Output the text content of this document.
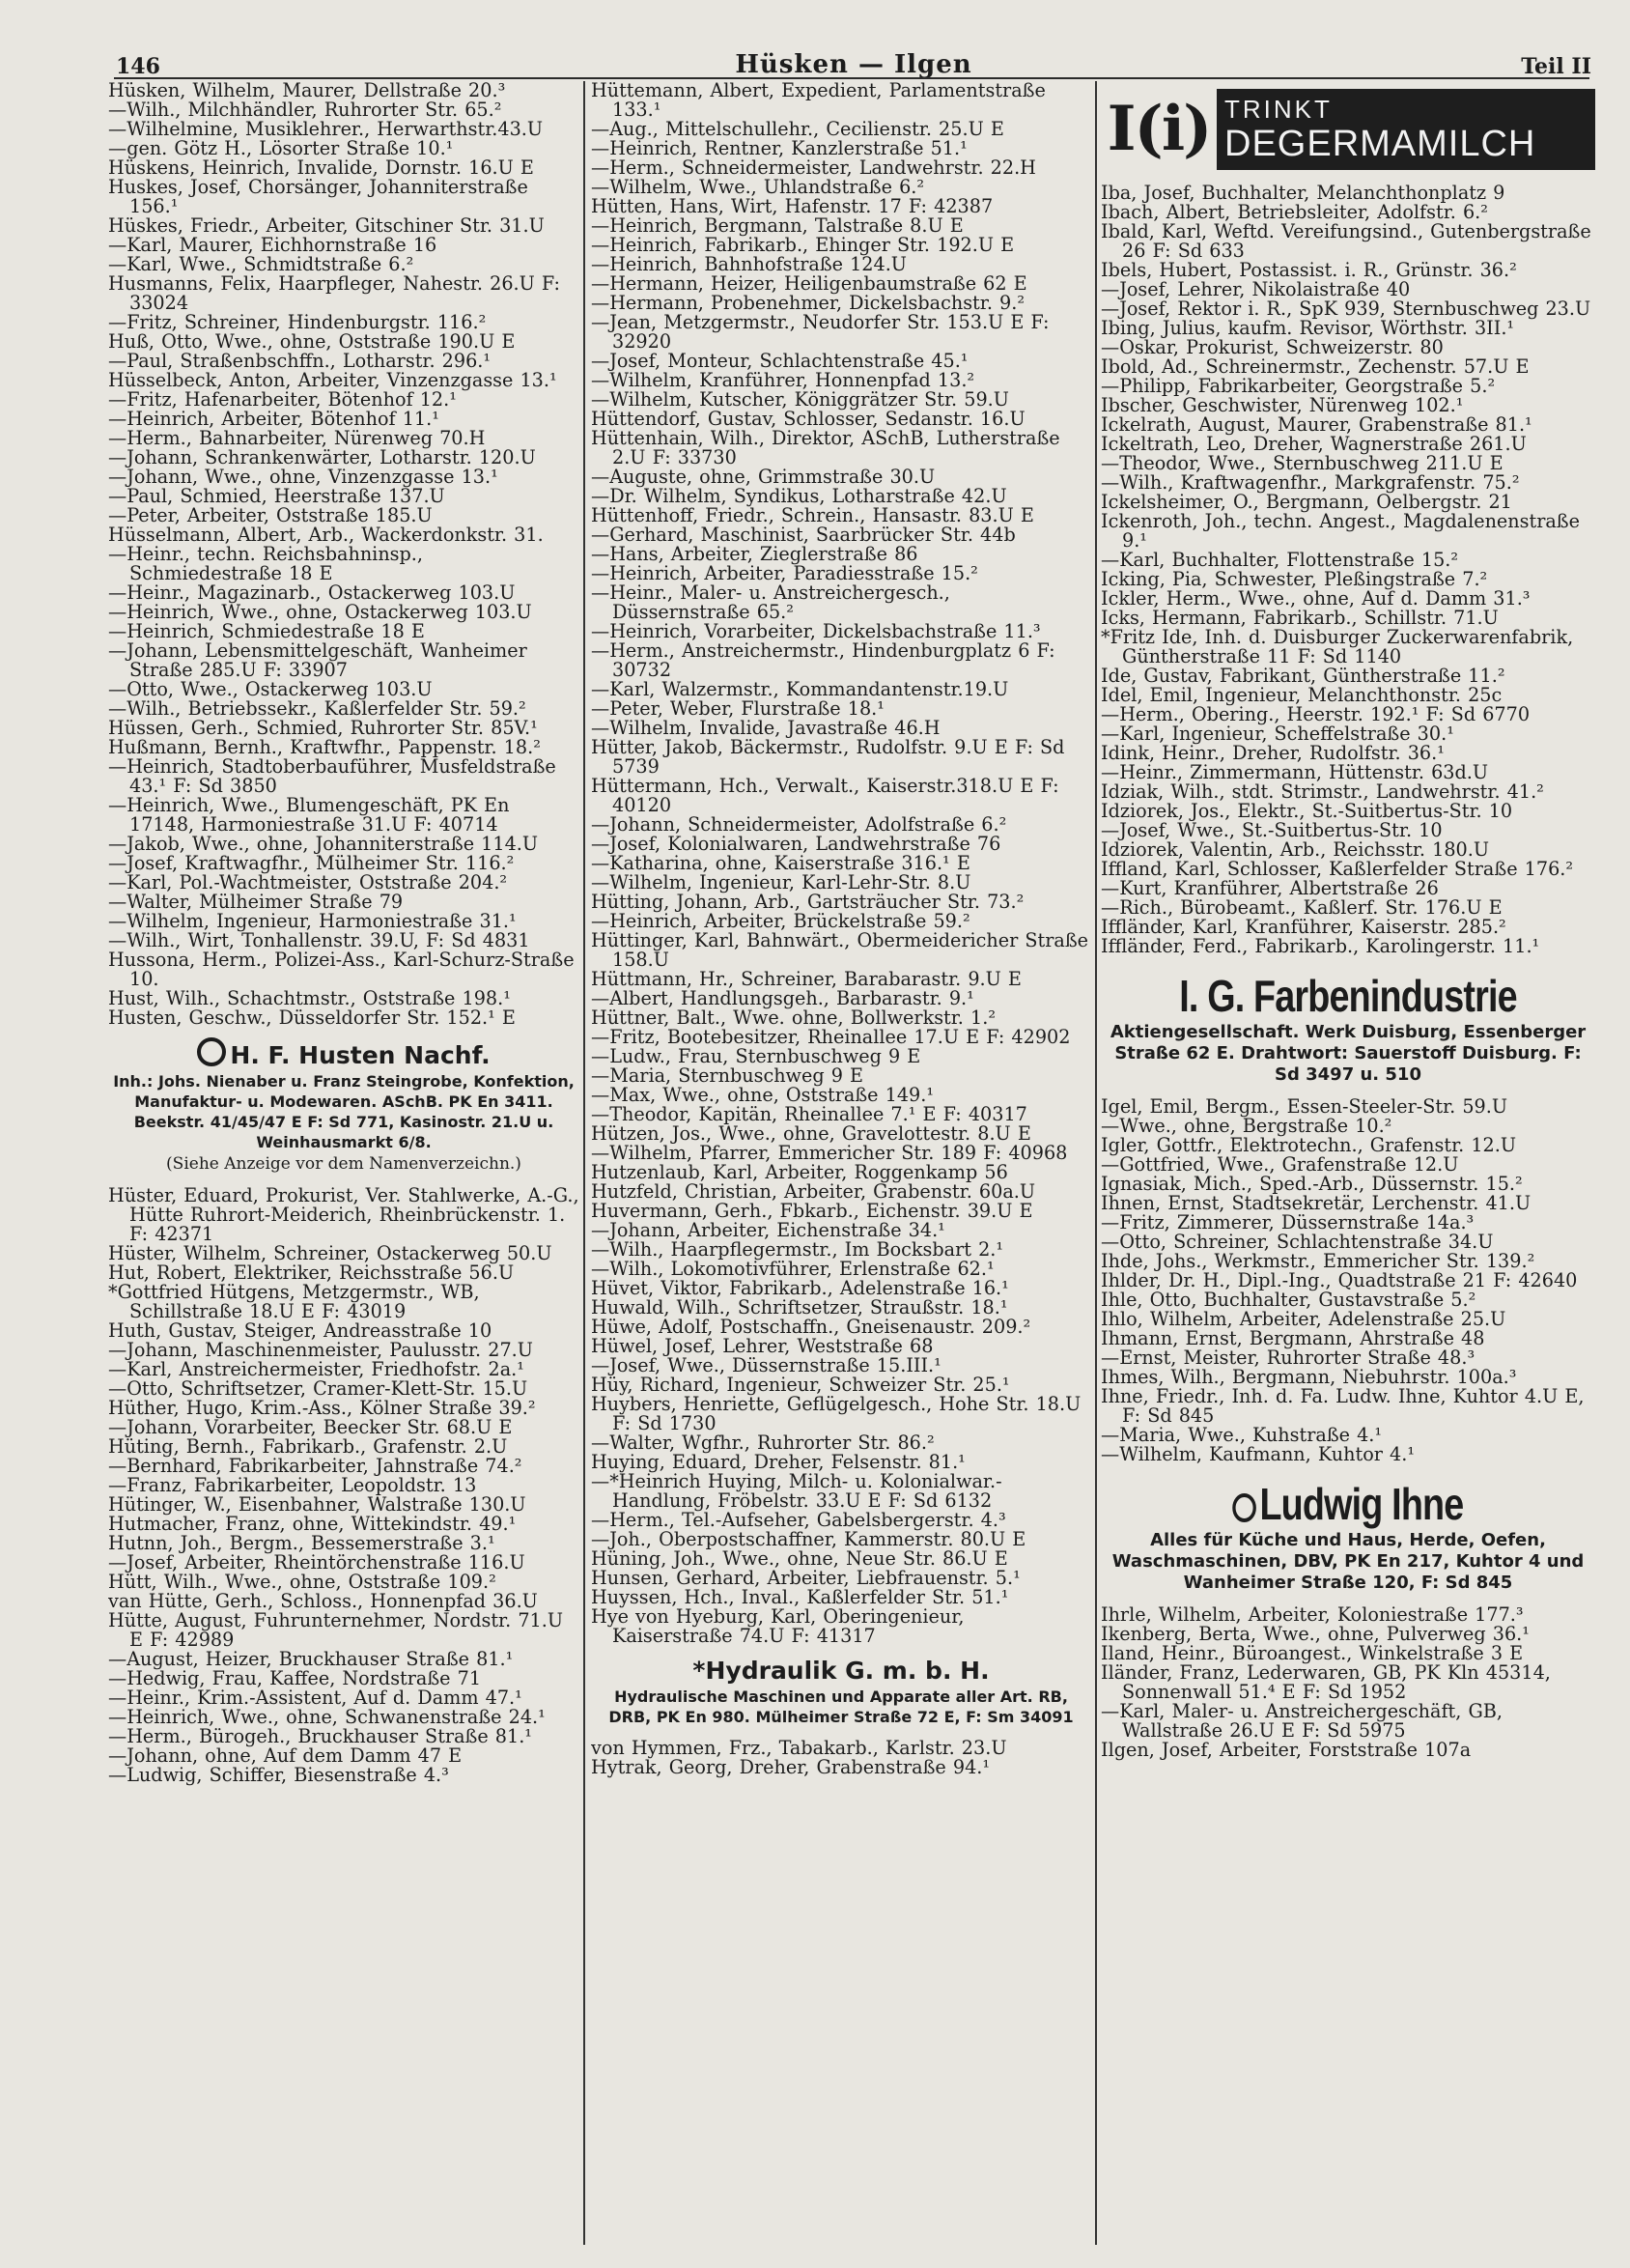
146	Hüsken — Ilgen	Teil II
Hüsken, Wilhelm, Maurer, Dellstraße 20.³
—Wilh., Milchhändler, Ruhrorter Str. 65.²
—Wilhelmine, Musiklehrer., Herwarthstr.43.U
—gen. Götz H., Lösorter Straße 10.¹
Hüskens, Heinrich, Invalide, Dornstr. 16.U E
Huskes, Josef, Chorsänger, Johanniterstraße 156.¹
Hüskes, Friedr., Arbeiter, Gitschiner Str. 31.U
—Karl, Maurer, Eichhornstraße 16
—Karl, Wwe., Schmidtstraße 6.²
Husmanns, Felix, Haarpfleger, Nahestr. 26.U F: 33024
—Fritz, Schreiner, Hindenburgstr. 116.²
Huß, Otto, Wwe., ohne, Oststraße 190.U E
—Paul, Straßenbschffn., Lotharstr. 296.¹
Hüsselbeck, Anton, Arbeiter, Vinzenzgasse 13.¹
—Fritz, Hafenarbeiter, Bötenhof 12.¹
—Heinrich, Arbeiter, Bötenhof 11.¹
—Herm., Bahnarbeiter, Nürenweg 70.H
—Johann, Schrankenwärter, Lotharstr. 120.U
—Johann, Wwe., ohne, Vinzenzgasse 13.¹
—Paul, Schmied, Heerstraße 137.U
—Peter, Arbeiter, Oststraße 185.U
Hüsselmann, Albert, Arb., Wackerdonkstr. 31.
—Heinr., techn. Reichsbahninsp., Schmiedestraße 18 E
—Heinr., Magazinarb., Ostackerweg 103.U
—Heinrich, Wwe., ohne, Ostackerweg 103.U
—Heinrich, Schmiedestraße 18 E
—Johann, Lebensmittelgeschäft, Wanheimer Straße 285.U F: 33907
—Otto, Wwe., Ostackerweg 103.U
—Wilh., Betriebssekr., Kaßlerfelder Str. 59.²
Hüssen, Gerh., Schmied, Ruhrorter Str. 85V.¹
Hußmann, Bernh., Kraftwfhr., Pappenstr. 18.²
—Heinrich, Stadtoberbauführer, Musfeldstraße 43.¹ F: Sd 3850
—Heinrich, Wwe., Blumengeschäft, PK En 17148, Harmoniestraße 31.U F: 40714
—Jakob, Wwe., ohne, Johanniterstraße 114.U
—Josef, Kraftwagfhr., Mülheimer Str. 116.²
—Karl, Pol.-Wachtmeister, Oststraße 204.²
—Walter, Mülheimer Straße 79
—Wilhelm, Ingenieur, Harmoniestraße 31.¹
—Wilh., Wirt, Tonhallenstr. 39.U, F: Sd 4831
Hussona, Herm., Polizei-Ass., Karl-Schurz-Straße 10.
Hust, Wilh., Schachtmstr., Oststraße 198.¹
Husten, Geschw., Düsseldorfer Str. 152.¹ E
H. F. Husten Nachf.
Inh.: Johs. Nienaber u. Franz Steingrobe, Konfektion, Manufaktur- u. Modewaren. ASchB. PK En 3411. Beekstr. 41/45/47 E F: Sd 771, Kasinostr. 21.U u. Weinhausmarkt 6/8.
(Siehe Anzeige vor dem Namenverzeichn.)
Hüster, Eduard, Prokurist, Ver. Stahlwerke, A.-G., Hütte Ruhrort-Meiderich, Rheinbrückenstr. 1. F: 42371
Hüster, Wilhelm, Schreiner, Ostackerweg 50.U
Hut, Robert, Elektriker, Reichsstraße 56.U
*Gottfried Hütgens, Metzgermstr., WB, Schillstraße 18.U E F: 43019
Huth, Gustav, Steiger, Andreasstraße 10
—Johann, Maschinenmeister, Paulusstr. 27.U
—Karl, Anstreichermeister, Friedhofstr. 2a.¹
—Otto, Schriftsetzer, Cramer-Klett-Str. 15.U
Hüther, Hugo, Krim.-Ass., Kölner Straße 39.²
—Johann, Vorarbeiter, Beecker Str. 68.U E
Hüting, Bernh., Fabrikarb., Grafenstr. 2.U
—Bernhard, Fabrikarbeiter, Jahnstraße 74.²
—Franz, Fabrikarbeiter, Leopoldstr. 13
Hütinger, W., Eisenbahner, Walstraße 130.U
Hutmacher, Franz, ohne, Wittekindstr. 49.¹
Hutnn, Joh., Bergm., Bessemerstraße 3.¹
—Josef, Arbeiter, Rheintörchenstraße 116.U
Hütt, Wilh., Wwe., ohne, Oststraße 109.²
van Hütte, Gerh., Schloss., Honnenpfad 36.U
Hütte, August, Fuhrunternehmer, Nordstr. 71.U E F: 42989
—August, Heizer, Bruckhauser Straße 81.¹
—Hedwig, Frau, Kaffee, Nordstraße 71
—Heinr., Krim.-Assistent, Auf d. Damm 47.¹
—Heinrich, Wwe., ohne, Schwanenstraße 24.¹
—Herm., Bürogeh., Bruckhauser Straße 81.¹
—Johann, ohne, Auf dem Damm 47 E
—Ludwig, Schiffer, Biesenstraße 4.³
Hüttemann, Albert, Expedient, Parlamentstraße 133.¹
—Aug., Mittelschullehr., Cecilienstr. 25.U E
—Heinrich, Rentner, Kanzlerstraße 51.¹
—Herm., Schneidermeister, Landwehrstr. 22.H
—Wilhelm, Wwe., Uhlandstraße 6.²
Hütten, Hans, Wirt, Hafenstr. 17 F: 42387
—Heinrich, Bergmann, Talstraße 8.U E
—Heinrich, Fabrikarb., Ehinger Str. 192.U E
—Heinrich, Bahnhofstraße 124.U
—Hermann, Heizer, Heiligenbaumstraße 62 E
—Hermann, Probenehmer, Dickelsbachstr. 9.²
—Jean, Metzgermstr., Neudorfer Str. 153.U E F: 32920
—Josef, Monteur, Schlachtenstraße 45.¹
—Wilhelm, Kranführer, Honnenpfad 13.²
—Wilhelm, Kutscher, Königgrätzer Str. 59.U
Hüttendorf, Gustav, Schlosser, Sedanstr. 16.U
Hüttenhain, Wilh., Direktor, ASchB, Lutherstraße 2.U F: 33730
—Auguste, ohne, Grimmstraße 30.U
—Dr. Wilhelm, Syndikus, Lotharstraße 42.U
Hüttenhoff, Friedr., Schrein., Hansastr. 83.U E
—Gerhard, Maschinist, Saarbrücker Str. 44b
—Hans, Arbeiter, Zieglerstraße 86
—Heinrich, Arbeiter, Paradiesstraße 15.²
—Heinr., Maler- u. Anstreichergesch., Düssernstraße 65.²
—Heinrich, Vorarbeiter, Dickelsbachstraße 11.³
—Herm., Anstreichermstr., Hindenburgplatz 6 F: 30732
—Karl, Walzermstr., Kommandantenstr.19.U
—Peter, Weber, Flurstraße 18.¹
—Wilhelm, Invalide, Javastraße 46.H
Hütter, Jakob, Bäckermstr., Rudolfstr. 9.U E F: Sd 5739
Hüttermann, Hch., Verwalt., Kaiserstr.318.U E F: 40120
—Johann, Schneidermeister, Adolfstraße 6.²
—Josef, Kolonialwaren, Landwehrstraße 76
—Katharina, ohne, Kaiserstraße 316.¹ E
—Wilhelm, Ingenieur, Karl-Lehr-Str. 8.U
Hütting, Johann, Arb., Gartsträucher Str. 73.²
—Heinrich, Arbeiter, Brückelstraße 59.²
Hüttinger, Karl, Bahnwärt., Obermeidericher Straße 158.U
Hüttmann, Hr., Schreiner, Barabarastr. 9.U E
—Albert, Handlungsgeh., Barbarastr. 9.¹
Hüttner, Balt., Wwe. ohne, Bollwerkstr. 1.²
—Fritz, Bootebesitzer, Rheinallee 17.U E F: 42902
—Ludw., Frau, Sternbuschweg 9 E
—Maria, Sternbuschweg 9 E
—Max, Wwe., ohne, Oststraße 149.¹
—Theodor, Kapitän, Rheinallee 7.¹ E F: 40317
Hützen, Jos., Wwe., ohne, Gravelottestr. 8.U E
—Wilhelm, Pfarrer, Emmericher Str. 189 F: 40968
Hutzenlaub, Karl, Arbeiter, Roggenkamp 56
Hutzfeld, Christian, Arbeiter, Grabenstr. 60a.U
Huvermann, Gerh., Fbkarb., Eichenstr. 39.U E
—Johann, Arbeiter, Eichenstraße 34.¹
—Wilh., Haarpflegermstr., Im Bocksbart 2.¹
—Wilh., Lokomotivführer, Erlenstraße 62.¹
Hüvet, Viktor, Fabrikarb., Adelenstraße 16.¹
Huwald, Wilh., Schriftsetzer, Straußstr. 18.¹
Hüwe, Adolf, Postschaffn., Gneisenaustr. 209.²
Hüwel, Josef, Lehrer, Weststraße 68
—Josef, Wwe., Düssernstraße 15.III.¹
Hüy, Richard, Ingenieur, Schweizer Str. 25.¹
Huybers, Henriette, Geflügelgesch., Hohe Str. 18.U F: Sd 1730
—Walter, Wgfhr., Ruhrorter Str. 86.²
Huying, Eduard, Dreher, Felsenstr. 81.¹
—*Heinrich Huying, Milch- u. Kolonialwar.-Handlung, Fröbelstr. 33.U E F: Sd 6132
—Herm., Tel.-Aufseher, Gabelsbergerstr. 4.³
—Joh., Oberpostschaffner, Kammerstr. 80.U E
Hüning, Joh., Wwe., ohne, Neue Str. 86.U E
Hunsen, Gerhard, Arbeiter, Liebfrauenstr. 5.¹
Huyssen, Hch., Inval., Kaßlerfelder Str. 51.¹
Hye von Hyeburg, Karl, Oberingenieur, Kaiserstraße 74.U F: 41317
*Hydraulik G. m. b. H.
Hydraulische Maschinen und Apparate aller Art. RB, DRB, PK En 980. Mülheimer Straße 72 E, F: Sm 34091
von Hymmen, Frz., Tabakarb., Karlstr. 23.U
Hytrak, Georg, Dreher, Grabenstraße 94.¹
I(i) TRINKT
DEGERMAMILCH
Iba, Josef, Buchhalter, Melanchthonplatz 9
Ibach, Albert, Betriebsleiter, Adolfstr. 6.²
Ibald, Karl, Weftd. Vereifungsind., Gutenbergstraße 26 F: Sd 633
Ibels, Hubert, Postassist. i. R., Grünstr. 36.²
—Josef, Lehrer, Nikolaistraße 40
—Josef, Rektor i. R., SpK 939, Sternbuschweg 23.U
Ibing, Julius, kaufm. Revisor, Wörthstr. 3II.¹
—Oskar, Prokurist, Schweizerstr. 80
Ibold, Ad., Schreinermstr., Zechenstr. 57.U E
—Philipp, Fabrikarbeiter, Georgstraße 5.²
Ibscher, Geschwister, Nürenweg 102.¹
Ickelrath, August, Maurer, Grabenstraße 81.¹
Ickeltrath, Leo, Dreher, Wagnerstraße 261.U
—Theodor, Wwe., Sternbuschweg 211.U E
—Wilh., Kraftwagenfhr., Markgrafenstr. 75.²
Ickelsheimer, O., Bergmann, Oelbergstr. 21
Ickenroth, Joh., techn. Angest., Magdalenenstraße 9.¹
—Karl, Buchhalter, Flottenstraße 15.²
Icking, Pia, Schwester, Pleßingstraße 7.²
Ickler, Herm., Wwe., ohne, Auf d. Damm 31.³
Icks, Hermann, Fabrikarb., Schillstr. 71.U
*Fritz Ide, Inh. d. Duisburger Zuckerwarenfabrik, Güntherstraße 11 F: Sd 1140
Ide, Gustav, Fabrikant, Güntherstraße 11.²
Idel, Emil, Ingenieur, Melanchthonstr. 25c
—Herm., Obering., Heerstr. 192.¹ F: Sd 6770
—Karl, Ingenieur, Scheffelstraße 30.¹
Idink, Heinr., Dreher, Rudolfstr. 36.¹
—Heinr., Zimmermann, Hüttenstr. 63d.U
Idziak, Wilh., stdt. Strimstr., Landwehrstr. 41.²
Idziorek, Jos., Elektr., St.-Suitbertus-Str. 10
—Josef, Wwe., St.-Suitbertus-Str. 10
Idziorek, Valentin, Arb., Reichsstr. 180.U
Iffland, Karl, Schlosser, Kaßlerfelder Straße 176.²
—Kurt, Kranführer, Albertstraße 26
—Rich., Bürobeamt., Kaßlerf. Str. 176.U E
Iffländer, Karl, Kranführer, Kaiserstr. 285.²
Iffländer, Ferd., Fabrikarb., Karolingerstr. 11.¹
I. G. Farbenindustrie
Aktiengesellschaft. Werk Duisburg, Essenberger Straße 62 E. Drahtwort: Sauerstoff Duisburg. F: Sd 3497 u. 510
Igel, Emil, Bergm., Essen-Steeler-Str. 59.U
—Wwe., ohne, Bergstraße 10.²
Igler, Gottfr., Elektrotechn., Grafenstr. 12.U
—Gottfried, Wwe., Grafenstraße 12.U
Ignasiak, Mich., Sped.-Arb., Düssernstr. 15.²
Ihnen, Ernst, Stadtsekretär, Lerchenstr. 41.U
—Fritz, Zimmerer, Düssernstraße 14a.³
—Otto, Schreiner, Schlachtenstraße 34.U
Ihde, Johs., Werkmstr., Emmericher Str. 139.²
Ihlder, Dr. H., Dipl.-Ing., Quadtstraße 21 F: 42640
Ihle, Otto, Buchhalter, Gustavstraße 5.²
Ihlo, Wilhelm, Arbeiter, Adelenstraße 25.U
Ihmann, Ernst, Bergmann, Ahrstraße 48
—Ernst, Meister, Ruhrorter Straße 48.³
Ihmes, Wilh., Bergmann, Niebuhrstr. 100a.³
Ihne, Friedr., Inh. d. Fa. Ludw. Ihne, Kuhtor 4.U E, F: Sd 845
—Maria, Wwe., Kuhstraße 4.¹
—Wilhelm, Kaufmann, Kuhtor 4.¹
Ludwig Ihne
Alles für Küche und Haus, Herde, Oefen, Waschmaschinen, DBV, PK En 217, Kuhtor 4 und Wanheimer Straße 120, F: Sd 845
Ihrle, Wilhelm, Arbeiter, Koloniestraße 177.³
Ikenberg, Berta, Wwe., ohne, Pulverweg 36.¹
Iland, Heinr., Büroangest., Winkelstraße 3 E
Iländer, Franz, Lederwaren, GB, PK Kln 45314, Sonnenwall 51.⁴ E F: Sd 1952
—Karl, Maler- u. Anstreichergeschäft, GB, Wallstraße 26.U E F: Sd 5975
Ilgen, Josef, Arbeiter, Forststraße 107a
